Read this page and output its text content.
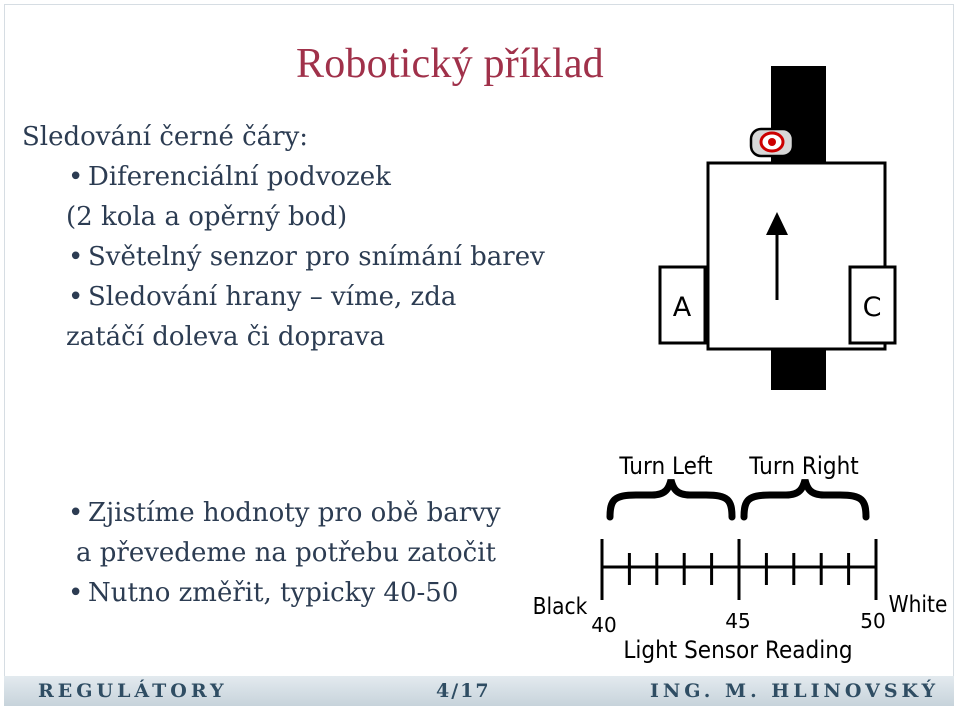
Robotický příklad
Sledování černé čáry:
• Diferenciální podvozek
(2 kola a opěrný bod)
• Světelný senzor pro snímání barev
• Sledování hrany – víme, zda
zatáčí doleva či doprava
• Zjistíme hodnoty pro obě barvy
a převedeme na potřebu zatočit
• Nutno změřit, typicky 40-50
A	C
Turn Left Turn Right
Black	White
40	45	50
Light Sensor Reading
REGULÁTORY	4/17	ING. M. HLINOVSKÝ
